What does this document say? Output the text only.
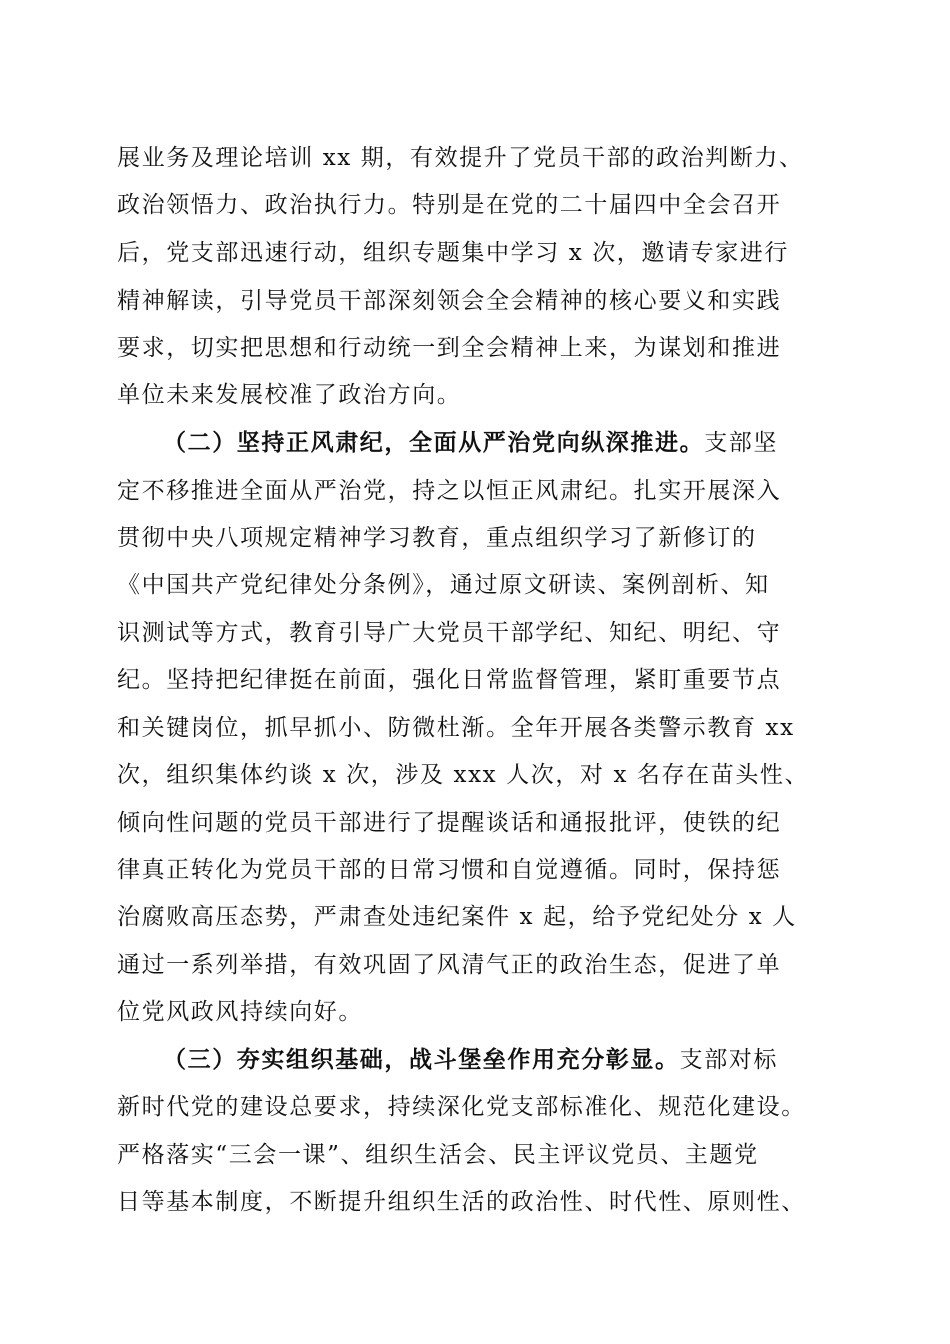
展业务及理论培训 xx 期，有效提升了党员干部的政治判断力、
政治领悟力、政治执行力。特别是在党的二十届四中全会召开
后，党支部迅速行动，组织专题集中学习 x 次，邀请专家进行
精神解读，引导党员干部深刻领会全会精神的核心要义和实践
要求，切实把思想和行动统一到全会精神上来，为谋划和推进
单位未来发展校准了政治方向。
（二）坚持正风肃纪，全面从严治党向纵深推进。支部坚
定不移推进全面从严治党，持之以恒正风肃纪。扎实开展深入
贯彻中央八项规定精神学习教育，重点组织学习了新修订的
《中国共产党纪律处分条例》，通过原文研读、案例剖析、知
识测试等方式，教育引导广大党员干部学纪、知纪、明纪、守
纪。坚持把纪律挺在前面，强化日常监督管理，紧盯重要节点
和关键岗位，抓早抓小、防微杜渐。全年开展各类警示教育 xx
次，组织集体约谈 x 次，涉及 xxx 人次，对 x 名存在苗头性、
倾向性问题的党员干部进行了提醒谈话和通报批评，使铁的纪
律真正转化为党员干部的日常习惯和自觉遵循。同时，保持惩
治腐败高压态势，严肃查处违纪案件 x 起，给予党纪处分 x 人
通过一系列举措，有效巩固了风清气正的政治生态，促进了单
位党风政风持续向好。
（三）夯实组织基础，战斗堡垒作用充分彰显。支部对标
新时代党的建设总要求，持续深化党支部标准化、规范化建设。
严格落实“三会一课”、组织生活会、民主评议党员、主题党
日等基本制度，不断提升组织生活的政治性、时代性、原则性、
